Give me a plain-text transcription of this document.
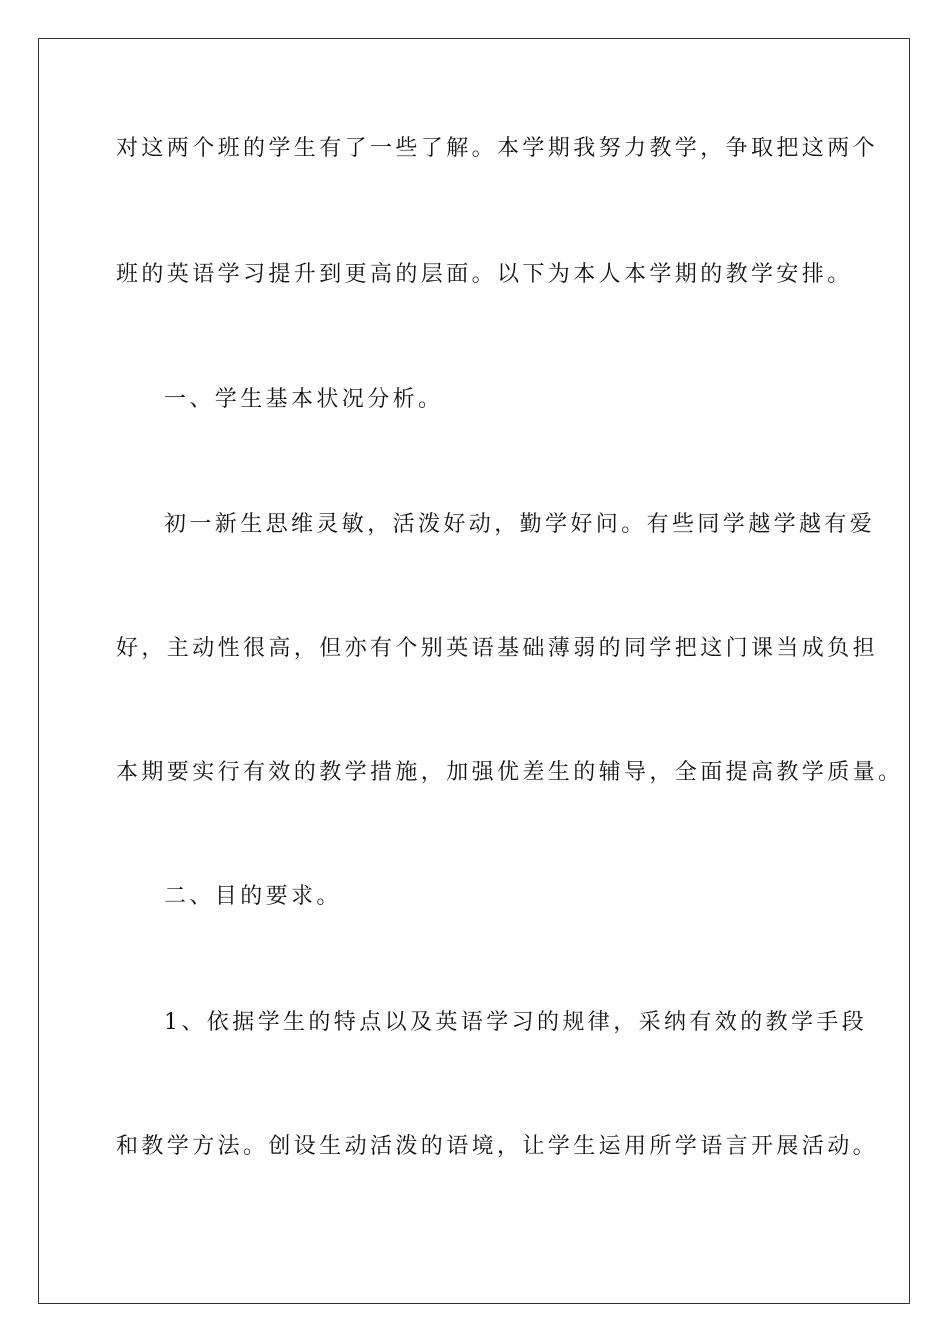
对这两个班的学生有了一些了解。本学期我努力教学，争取把这两个
班的英语学习提升到更高的层面。以下为本人本学期的教学安排。
一、学生基本状况分析。
初一新生思维灵敏，活泼好动，勤学好问。有些同学越学越有爱
好，主动性很高，但亦有个别英语基础薄弱的同学把这门课当成负担
本期要实行有效的教学措施，加强优差生的辅导，全面提高教学质量。
二、目的要求。
1、依据学生的特点以及英语学习的规律，采纳有效的教学手段
和教学方法。创设生动活泼的语境，让学生运用所学语言开展活动。
